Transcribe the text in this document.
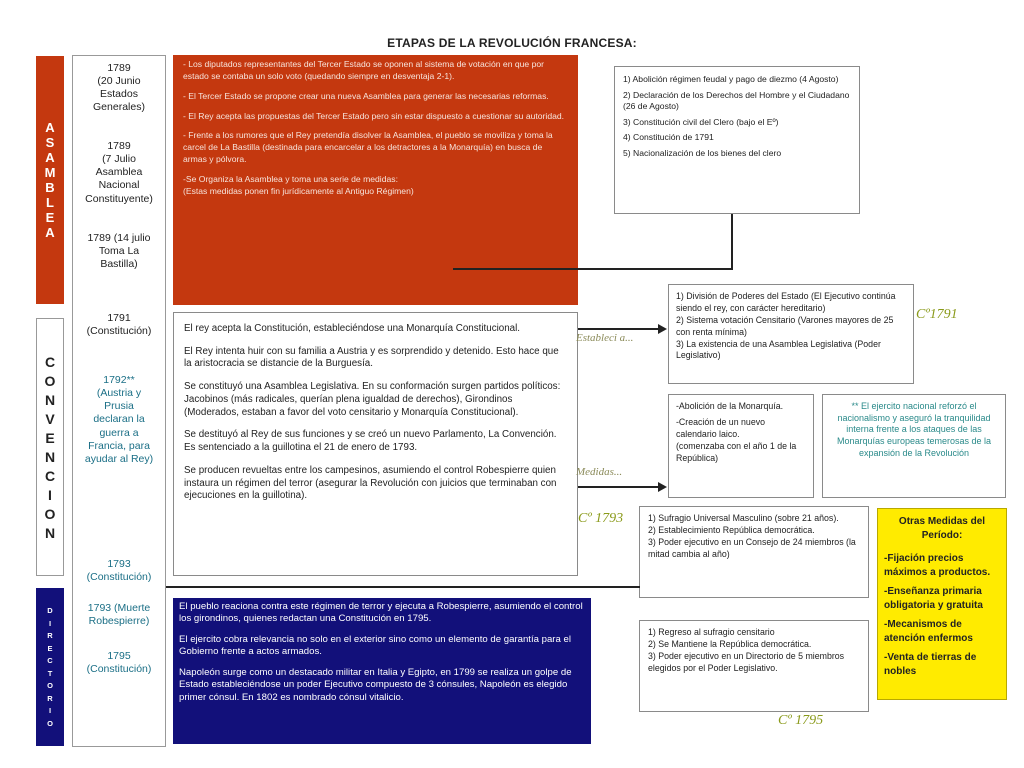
ETAPAS DE LA REVOLUCIÓN FRANCESA:
A
S
A
M
B
L
E
A
C
O
N
V
E
N
C
I
O
N
D
I
R
E
C
T
O
R
I
O
1789
(20 Junio
Estados
Generales)
1789
(7 Julio
Asamblea
Nacional
Constituyente)
1789 (14 julio
Toma La
Bastilla)
1791
(Constitución)
1792**
(Austria y
Prusia
declaran la
guerra a
Francia, para
ayudar al Rey)
1793
(Constitución)
1793 (Muerte
Robespierre)
1795
(Constitución)

- Los diputados representantes del Tercer Estado se oponen al sistema de votación en que por estado se contaba un solo voto (quedando siempre en desventaja 2-1).

- El Tercer Estado se propone crear una nueva Asamblea para generar las necesarias reformas.

- El Rey acepta las propuestas del Tercer Estado pero sin estar dispuesto a cuestionar su autoridad.

- Frente a los rumores que el Rey pretendía disolver la Asamblea, el pueblo se moviliza y toma la carcel de La Bastilla (destinada para encarcelar a los detractores a la Monarquía) en busca de armas y pólvora.

-Se Organiza la Asamblea y toma una serie de medidas:
(Estas medidas ponen fin jurídicamente al Antiguo Régimen)

1) Abolición régimen feudal y pago de diezmo (4 Agosto)

2) Declaración de los Derechos del Hombre y el Ciudadano (26 de Agosto)

3) Constitución civil del Clero (bajo el Eº)

4) Constitución de 1791

5) Nacionalización de los bienes del clero

El rey acepta la Constitución, estableciéndose una Monarquía Constitucional.

El Rey intenta huir con su familia a Austria y es sorprendido y detenido. Esto hace que la aristocracia se distancie de la Burguesía.

Se constituyó una Asamblea Legislativa. En su conformación surgen partidos políticos: Jacobinos (más radicales, querían plena igualdad de derechos), Girondinos (Moderados, estaban a favor del voto censitario y Monarquía Constitucional).

Se destituyó al Rey de sus funciones y se creó un nuevo Parlamento, La Convención. Es sentenciado a la guillotina el 21 de enero de 1793.

Se producen revueltas entre los campesinos, asumiendo el control Robespierre quien instaura un régimen del terror (asegurar la Revolución con juicios que terminaban con ejecuciones en la guillotina).

Estableci a...
Medidas...
1) División de Poderes del Estado (El Ejecutivo continúa siendo el rey, con carácter hereditario)
2) Sistema votación Censitario (Varones mayores de 25 con renta mínima)
3) La existencia de una Asamblea Legislativa (Poder Legislativo)
Cº1791

-Abolición de la Monarquía.

-Creación de un nuevo calendario laico.
(comenzaba con el año 1 de la República)

** El ejercito nacional reforzó el nacionalismo y aseguró la tranquilidad interna frente a los ataques de las Monarquías europeas temerosas de la expansión de la Revolución
Cº 1793	1) Sufragio Universal Masculino (sobre 21 años).
2) Establecimiento República democrática.
3) Poder ejecutivo en un Consejo de 24 miembros (la mitad cambia al año)
Otras Medidas del Período:
-Fijación precios máximos a productos.
-Enseñanza primaria obligatoria y gratuita
-Mecanismos de atención enfermos
-Venta de tierras de nobles

El pueblo reaciona contra este régimen de terror y ejecuta a Robespierre, asumiendo el control los girondinos, quienes redactan una Constitución en 1795.

El ejercito cobra relevancia no solo en el exterior sino como un elemento de garantía para el Gobierno frente a actos armados.

Napoleón surge como un destacado militar en Italia y Egipto, en 1799 se realiza un golpe de Estado estableciéndose un poder Ejecutivo compuesto de 3 cónsules, Napoleón es elegido primer cónsul. En 1802 es nombrado cónsul vitalicio.

1) Regreso al sufragio censitario
2) Se Mantiene la República democrática.
3) Poder ejecutivo en un Directorio de 5 miembros elegidos por el Poder Legislativo.
Cº 1795
